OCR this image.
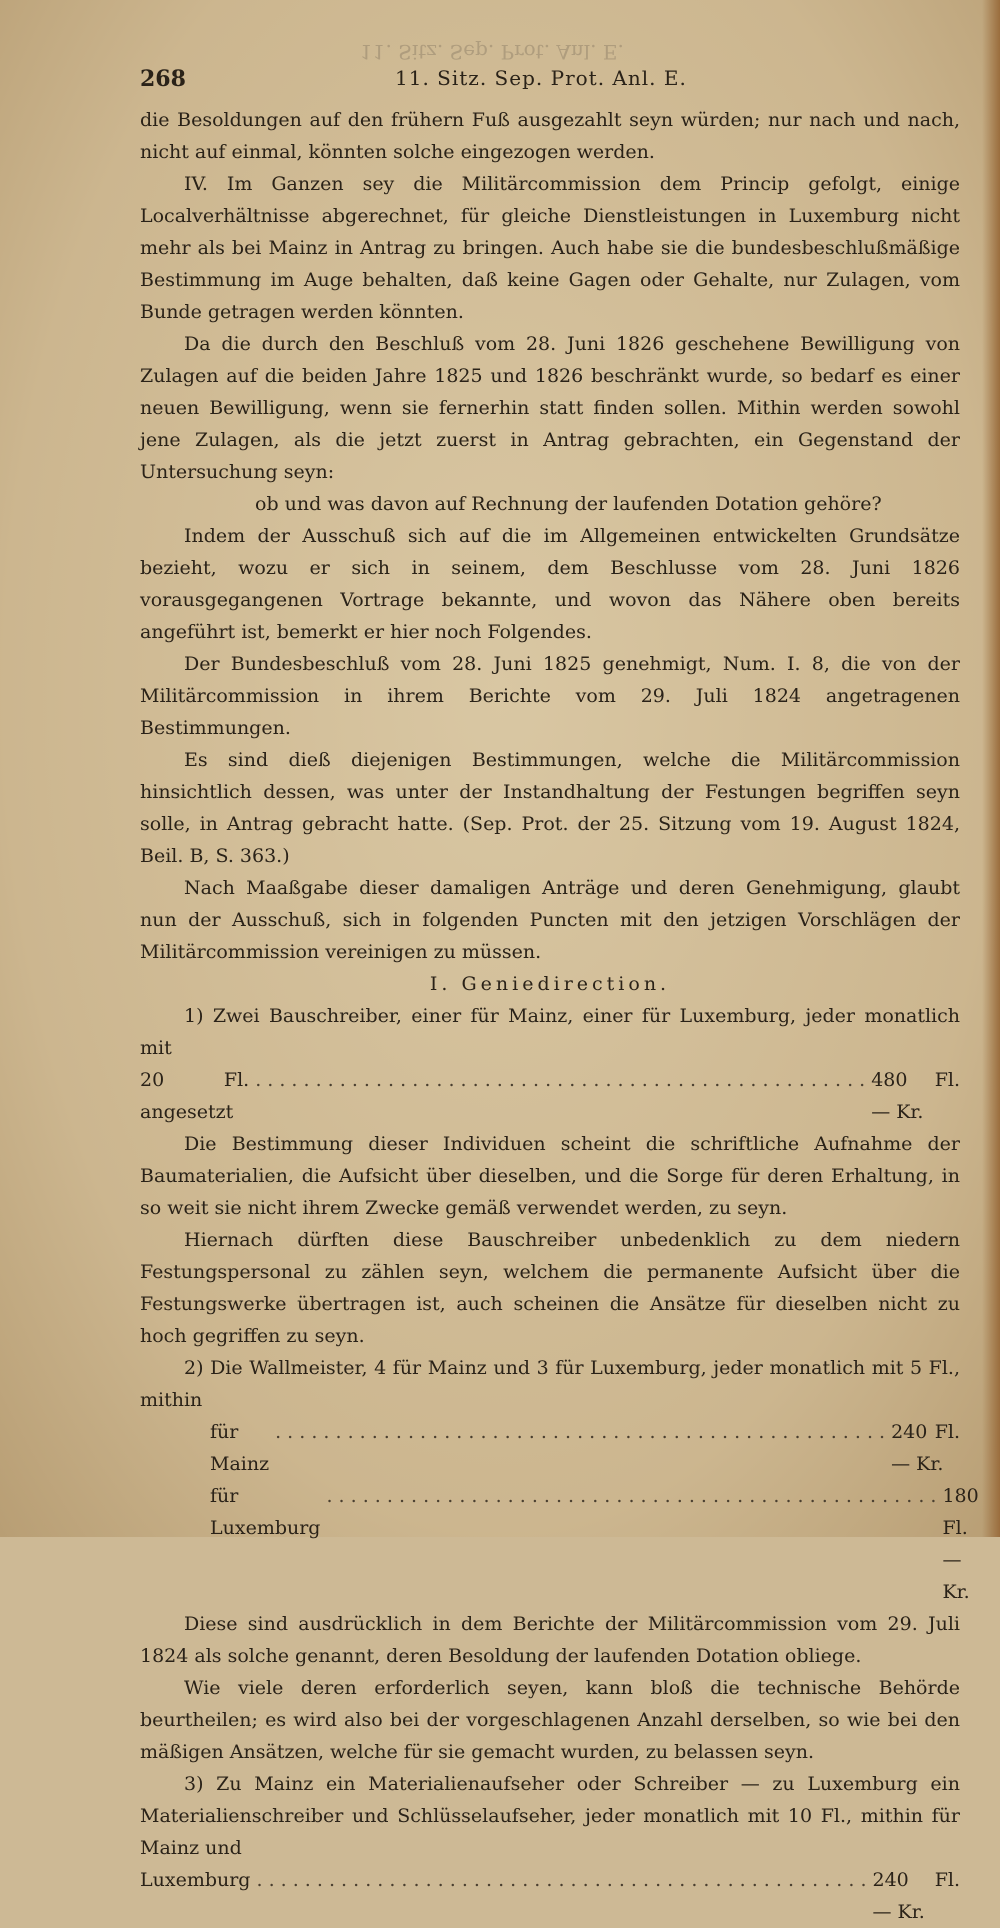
11. Sitz. Sep. Prot. Anl. E.
268	11. Sitz. Sep. Prot. Anl. E.

die Besoldungen auf den frühern Fuß ausgezahlt seyn würden; nur nach und nach, nicht auf einmal, könnten solche eingezogen werden.

IV. Im Ganzen sey die Militärcommission dem Princip gefolgt, einige Localverhältnisse abgerechnet, für gleiche Dienstleistungen in Luxemburg nicht mehr als bei Mainz in Antrag zu bringen. Auch habe sie die bundesbeschlußmäßige Bestimmung im Auge behalten, daß keine Gagen oder Gehalte, nur Zulagen, vom Bunde getragen werden könnten.

Da die durch den Beschluß vom 28. Juni 1826 geschehene Bewilligung von Zulagen auf die beiden Jahre 1825 und 1826 beschränkt wurde, so bedarf es einer neuen Bewilligung, wenn sie fernerhin statt finden sollen. Mithin werden sowohl jene Zulagen, als die jetzt zuerst in Antrag gebrachten, ein Gegenstand der Untersuchung seyn:

ob und was davon auf Rechnung der laufenden Dotation gehöre?

Indem der Ausschuß sich auf die im Allgemeinen entwickelten Grundsätze bezieht, wozu er sich in seinem, dem Beschlusse vom 28. Juni 1826 vorausgegangenen Vortrage bekannte, und wovon das Nähere oben bereits angeführt ist, bemerkt er hier noch Folgendes.

Der Bundesbeschluß vom 28. Juni 1825 genehmigt, Num. I. 8, die von der Militärcommission in ihrem Berichte vom 29. Juli 1824 angetragenen Bestimmungen.

Es sind dieß diejenigen Bestimmungen, welche die Militärcommission hinsichtlich dessen, was unter der Instandhaltung der Festungen begriffen seyn solle, in Antrag gebracht hatte. (Sep. Prot. der 25. Sitzung vom 19. August 1824, Beil. B, S. 363.)

Nach Maaßgabe dieser damaligen Anträge und deren Genehmigung, glaubt nun der Ausschuß, sich in folgenden Puncten mit den jetzigen Vorschlägen der Militärcommission vereinigen zu müssen.

I. Geniedirection.

1) Zwei Bauschreiber, einer für Mainz, einer für Luxemburg, jeder monatlich mit

20 Fl. angesetzt
. . . . . . . . . . . . . . . . . . . . . . . . . . . . . . . . . . . . . . . . . . . . . . . . . . . 480 Fl. — Kr.

Die Bestimmung dieser Individuen scheint die schriftliche Aufnahme der Baumaterialien, die Aufsicht über dieselben, und die Sorge für deren Erhaltung, in so weit sie nicht ihrem Zwecke gemäß verwendet werden, zu seyn.

Hiernach dürften diese Bauschreiber unbedenklich zu dem niedern Festungspersonal zu zählen seyn, welchem die permanente Aufsicht über die Festungswerke übertragen ist, auch scheinen die Ansätze für dieselben nicht zu hoch gegriffen zu seyn.

2) Die Wallmeister, 4 für Mainz und 3 für Luxemburg, jeder monatlich mit 5 Fl., mithin

für Mainz
. . . . . . . . . . . . . . . . . . . . . . . . . . . . . . . . . . . . . . . . . . . . . . . . . . . 240 Fl. — Kr.

für Luxemburg
. . . . . . . . . . . . . . . . . . . . . . . . . . . . . . . . . . . . . . . . . . . . . . . . . . . 180 Fl. — Kr.

Diese sind ausdrücklich in dem Berichte der Militärcommission vom 29. Juli 1824 als solche genannt, deren Besoldung der laufenden Dotation obliege.

Wie viele deren erforderlich seyen, kann bloß die technische Behörde beurtheilen; es wird also bei der vorgeschlagenen Anzahl derselben, so wie bei den mäßigen Ansätzen, welche für sie gemacht wurden, zu belassen seyn.

3) Zu Mainz ein Materialienaufseher oder Schreiber — zu Luxemburg ein Materialienschreiber und Schlüsselaufseher, jeder monatlich mit 10 Fl., mithin für Mainz und

Luxemburg . . . . . . . . . . . . . . . . . . . . . . . . . . . . . . . . . . . . . . . . . . . . . . . . . . . 240 Fl. — Kr.
